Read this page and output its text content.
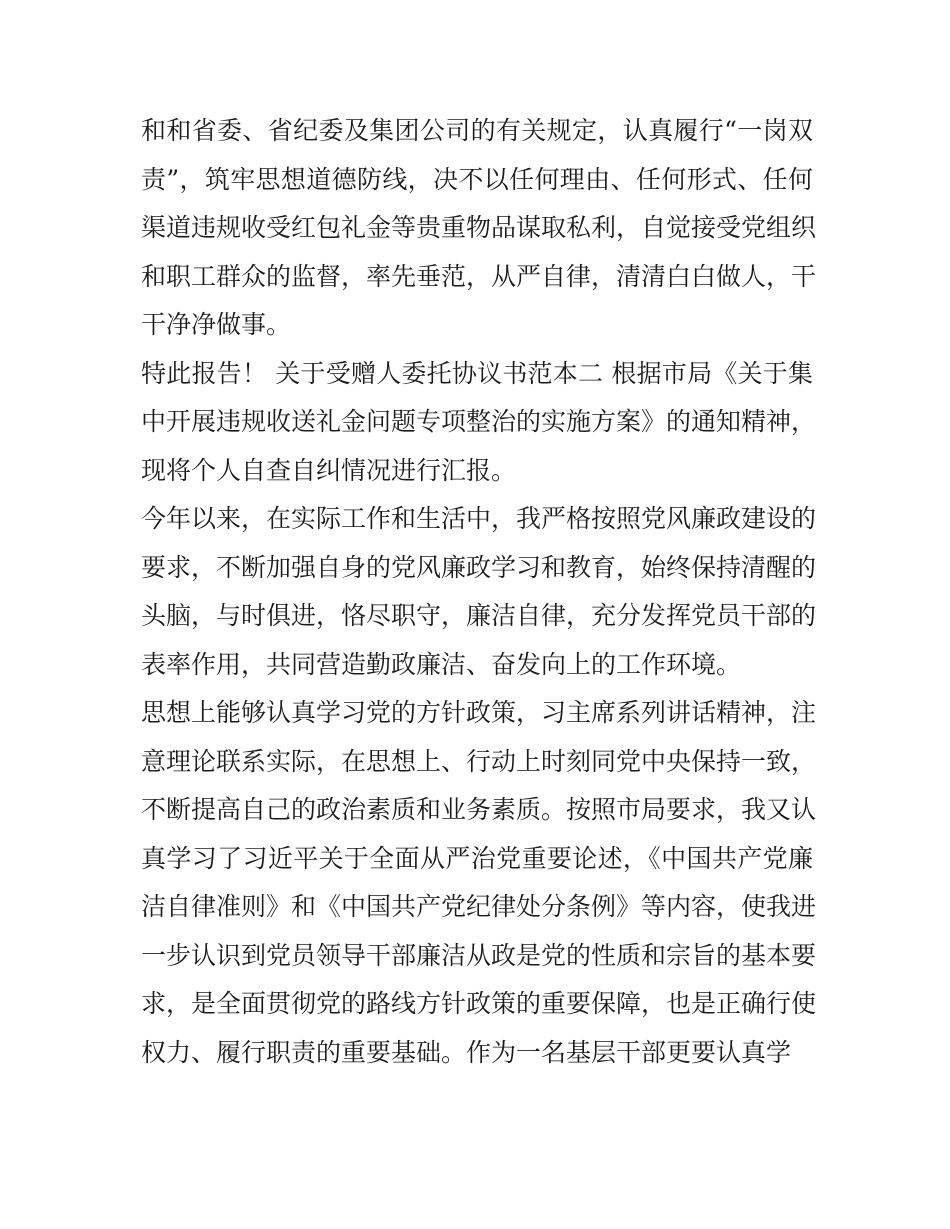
和和省委、省纪委及集团公司的有关规定，认真履行“一岗双
责”，筑牢思想道德防线，决不以任何理由、任何形式、任何
渠道违规收受红包礼金等贵重物品谋取私利，自觉接受党组织
和职工群众的监督，率先垂范，从严自律，清清白白做人，干
干净净做事。
特此报告！ 关于受赠人委托协议书范本二 根据市局《关于集
中开展违规收送礼金问题专项整治的实施方案》的通知精神，
现将个人自查自纠情况进行汇报。
今年以来，在实际工作和生活中，我严格按照党风廉政建设的
要求，不断加强自身的党风廉政学习和教育，始终保持清醒的
头脑，与时俱进，恪尽职守，廉洁自律，充分发挥党员干部的
表率作用，共同营造勤政廉洁、奋发向上的工作环境。
思想上能够认真学习党的方针政策，习主席系列讲话精神，注
意理论联系实际，在思想上、行动上时刻同党中央保持一致，
不断提高自己的政治素质和业务素质。按照市局要求，我又认
真学习了习近平关于全面从严治党重要论述，《中国共产党廉
洁自律准则》和《中国共产党纪律处分条例》等内容，使我进
一步认识到党员领导干部廉洁从政是党的性质和宗旨的基本要
求，是全面贯彻党的路线方针政策的重要保障，也是正确行使
权力、履行职责的重要基础。作为一名基层干部更要认真学
